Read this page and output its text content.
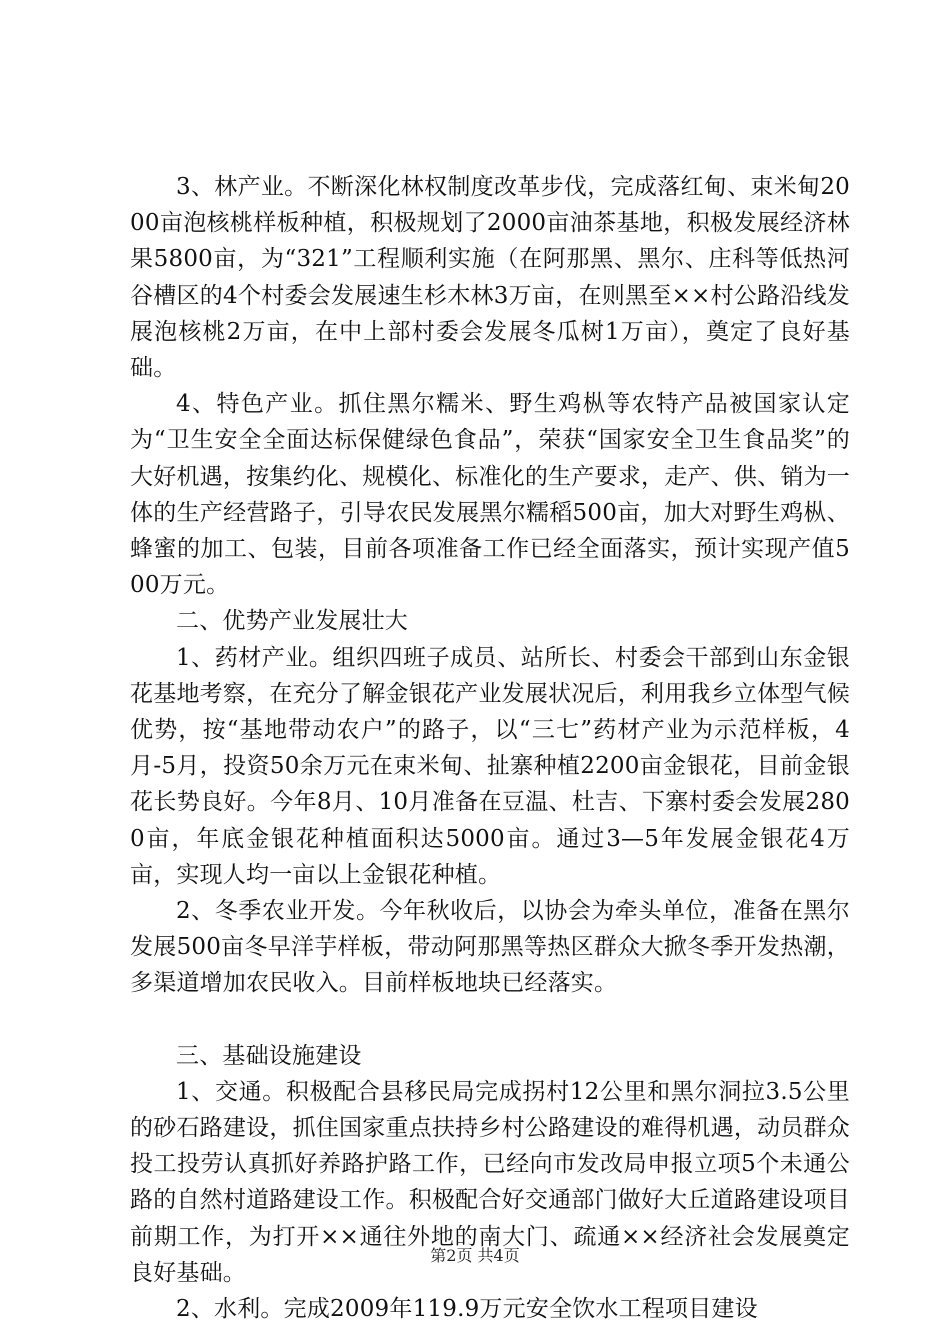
3、林产业。不断深化林权制度改革步伐，完成落红甸、束米甸2000亩泡核桃样板种植，积极规划了2000亩油茶基地，积极发展经济林果5800亩，为“321”工程顺利实施（在阿那黑、黑尔、庄科等低热河谷槽区的4个村委会发展速生杉木林3万亩，在则黑至××村公路沿线发展泡核桃2万亩，在中上部村委会发展冬瓜树1万亩），奠定了良好基础。

4、特色产业。抓住黑尔糯米、野生鸡枞等农特产品被国家认定为“卫生安全全面达标保健绿色食品”，荣获“国家安全卫生食品奖”的大好机遇，按集约化、规模化、标准化的生产要求，走产、供、销为一体的生产经营路子，引导农民发展黑尔糯稻500亩，加大对野生鸡枞、蜂蜜的加工、包装，目前各项准备工作已经全面落实，预计实现产值500万元。

二、优势产业发展壮大

1、药材产业。组织四班子成员、站所长、村委会干部到山东金银花基地考察，在充分了解金银花产业发展状况后，利用我乡立体型气候优势，按“基地带动农户”的路子，以“三七”药材产业为示范样板，4月-5月，投资50余万元在束米甸、扯寨种植2200亩金银花，目前金银花长势良好。今年8月、10月准备在豆温、杜吉、下寨村委会发展2800亩，年底金银花种植面积达5000亩。通过3—5年发展金银花4万亩，实现人均一亩以上金银花种植。

2、冬季农业开发。今年秋收后，以协会为牵头单位，准备在黑尔发展500亩冬早洋芋样板，带动阿那黑等热区群众大掀冬季开发热潮，多渠道增加农民收入。目前样板地块已经落实。

三、基础设施建设

1、交通。积极配合县移民局完成拐村12公里和黑尔洞拉3.5公里的砂石路建设，抓住国家重点扶持乡村公路建设的难得机遇，动员群众投工投劳认真抓好养路护路工作，已经向市发改局申报立项5个未通公路的自然村道路建设工作。积极配合好交通部门做好大丘道路建设项目前期工作，为打开××通往外地的南大门、疏通××经济社会发展奠定良好基础。

2、水利。完成2009年119.9万元安全饮水工程项目建设

第2页 共4页
